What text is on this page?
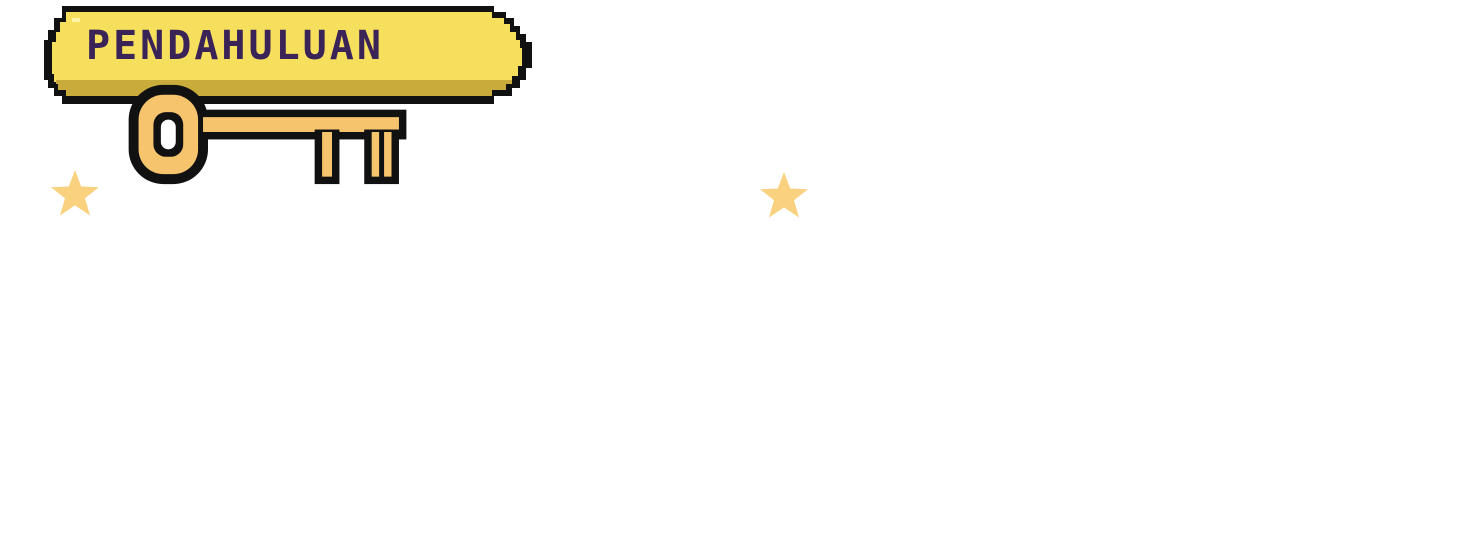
PENDAHULUAN
